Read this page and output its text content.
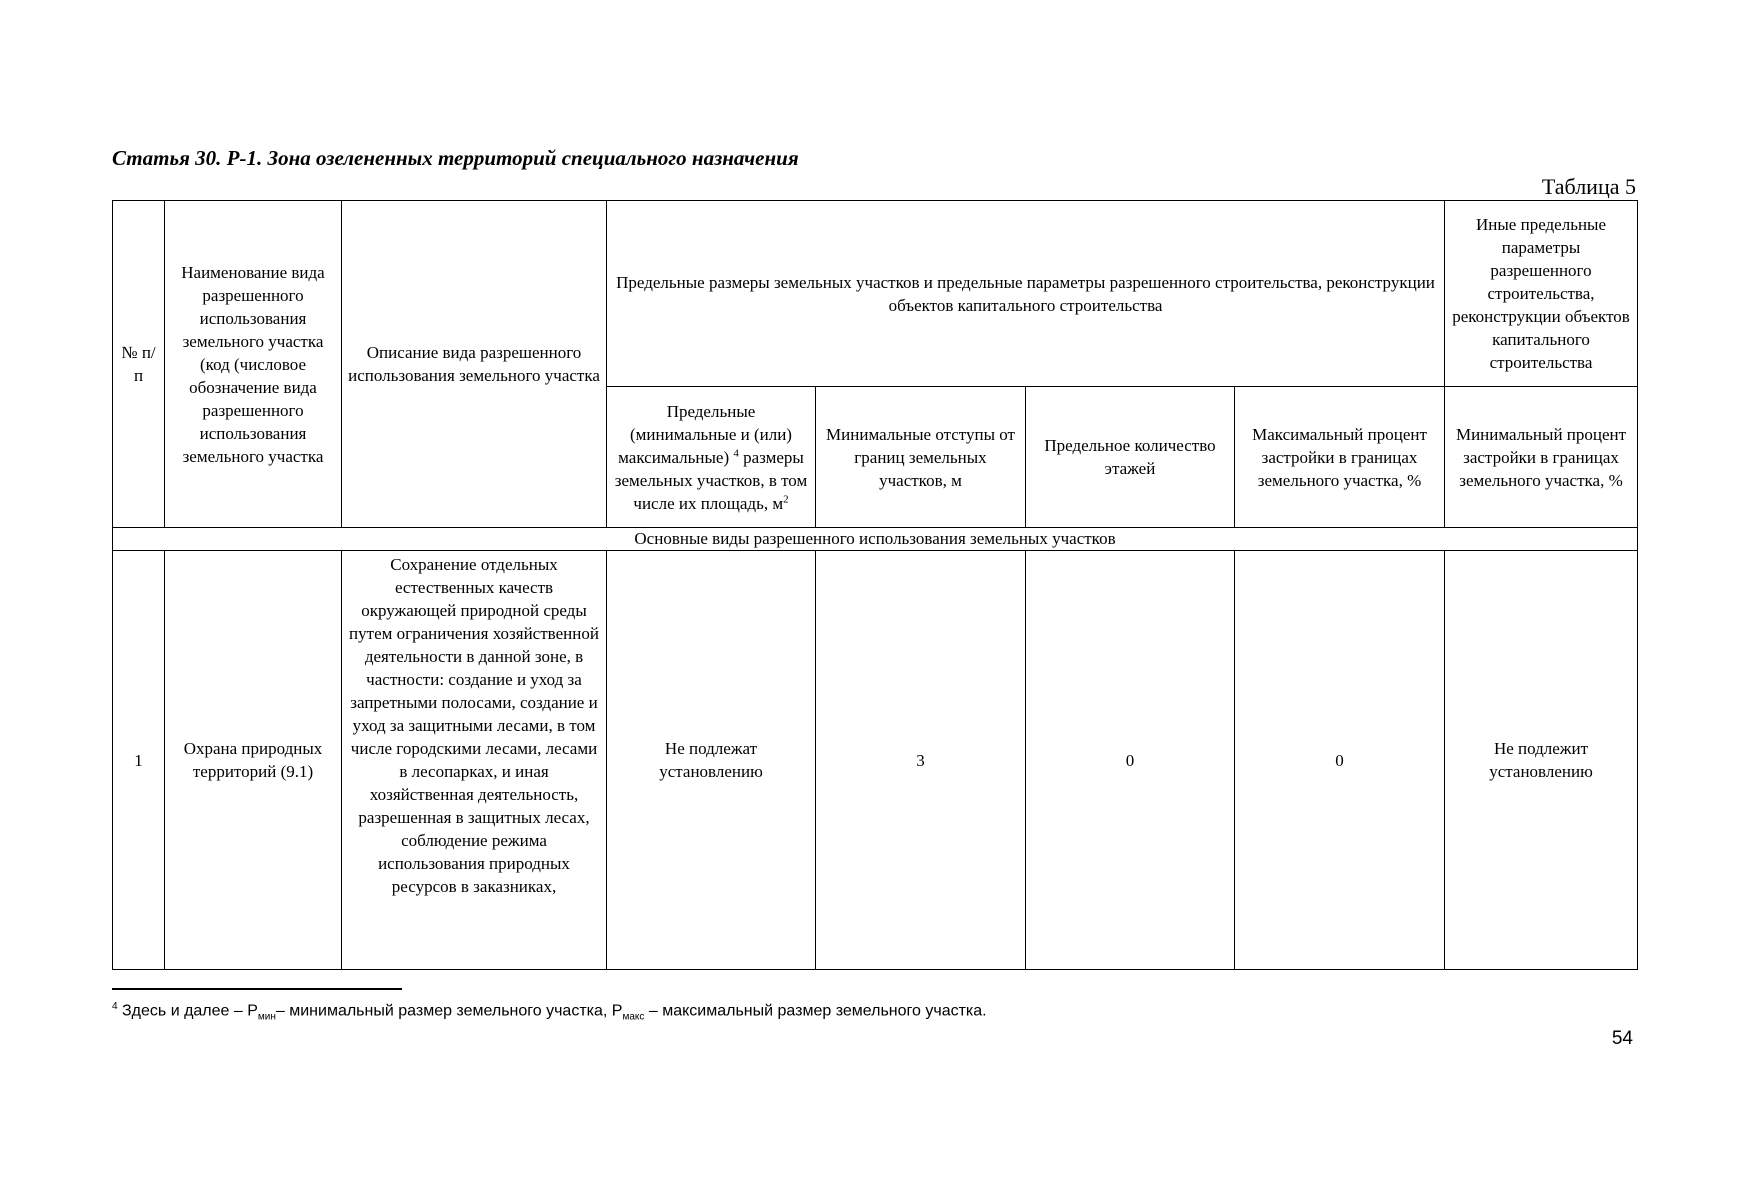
Статья 30. Р-1. Зона озелененных территорий специального назначения
Таблица 5
№ п/п	Наименование вида разрешенного использования земельного участка (код (числовое обозначение вида разрешенного использования земельного участка	Описание вида разрешенного использования земельного участка	Предельные размеры земельных участков и предельные параметры разрешенного строительства, реконструкции объектов капитального строительства				Иные предельные параметры разрешенного строительства, реконструкции объектов капитального строительства
			Предельные (минимальные и (или) максимальные) $^4$ размеры земельных участков, в том числе их площадь, м$^2$	Минимальные отступы от границ земельных участков, м	Предельное количество этажей	Максимальный процент застройки в границах земельного участка, %	Минимальный процент застройки в границах земельного участка, %
Основные виды разрешенного использования земельных участков							
1	Охрана природных территорий (9.1)	Сохранение отдельных естественных качеств окружающей природной среды путем ограничения хозяйственной деятельности в данной зоне, в частности: создание и уход за запретными полосами, создание и уход за защитными лесами, в том числе городскими лесами, лесами в лесопарках, и иная хозяйственная деятельность, разрешенная в защитных лесах, соблюдение режима использования природных ресурсов в заказниках,	Не подлежат установлению	3	0	0	Не подлежит установлению
$^4$ Здесь и далее – $Р_{мин}-$ минимальный размер земельного участка, $Р_{макс}$ – максимальный размер земельного участка.
54
